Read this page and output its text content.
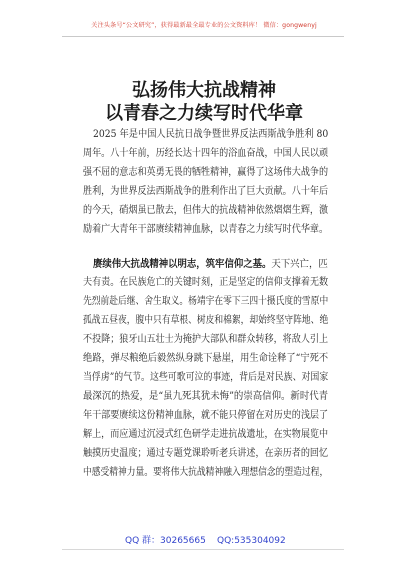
关注头条号“公文研究”，获得最新最全最专业的公文资料库！ 微信：gongwenyj
弘扬伟大抗战精神
以青春之力续写时代华章
2025 年是中国人民抗日战争暨世界反法西斯战争胜利 80
周年。八十年前，历经长达十四年的浴血奋战，中国人民以顽
强不屈的意志和英勇无畏的牺牲精神，赢得了这场伟大战争的
胜利，为世界反法西斯战争的胜利作出了巨大贡献。八十年后
的今天，硝烟虽已散去，但伟大的抗战精神依然熠熠生辉，激
励着广大青年干部赓续精神血脉，以青春之力续写时代华章。
赓续伟大抗战精神以明志，筑牢信仰之基。天下兴亡，匹
夫有责。在民族危亡的关键时刻，正是坚定的信仰支撑着无数
先烈前赴后继、舍生取义。杨靖宇在零下三四十摄氏度的雪原中
孤战五昼夜，腹中只有草根、树皮和棉絮，却始终坚守阵地、绝
不投降；狼牙山五壮士为掩护大部队和群众转移，将敌人引上
绝路，弹尽粮绝后毅然纵身跳下悬崖，用生命诠释了“宁死不
当俘虏”的气节。这些可歌可泣的事迹，背后是对民族、对国家
最深沉的热爱，是“虽九死其犹未悔”的崇高信仰。新时代青
年干部要赓续这份精神血脉，就不能只停留在对历史的浅层了
解上，而应通过沉浸式红色研学走进抗战遗址，在实物展览中
触摸历史温度；通过专题党课聆听老兵讲述，在亲历者的回忆
中感受精神力量。要将伟大抗战精神融入理想信念的塑造过程，
QQ 群：30265665 QQ:535304092
